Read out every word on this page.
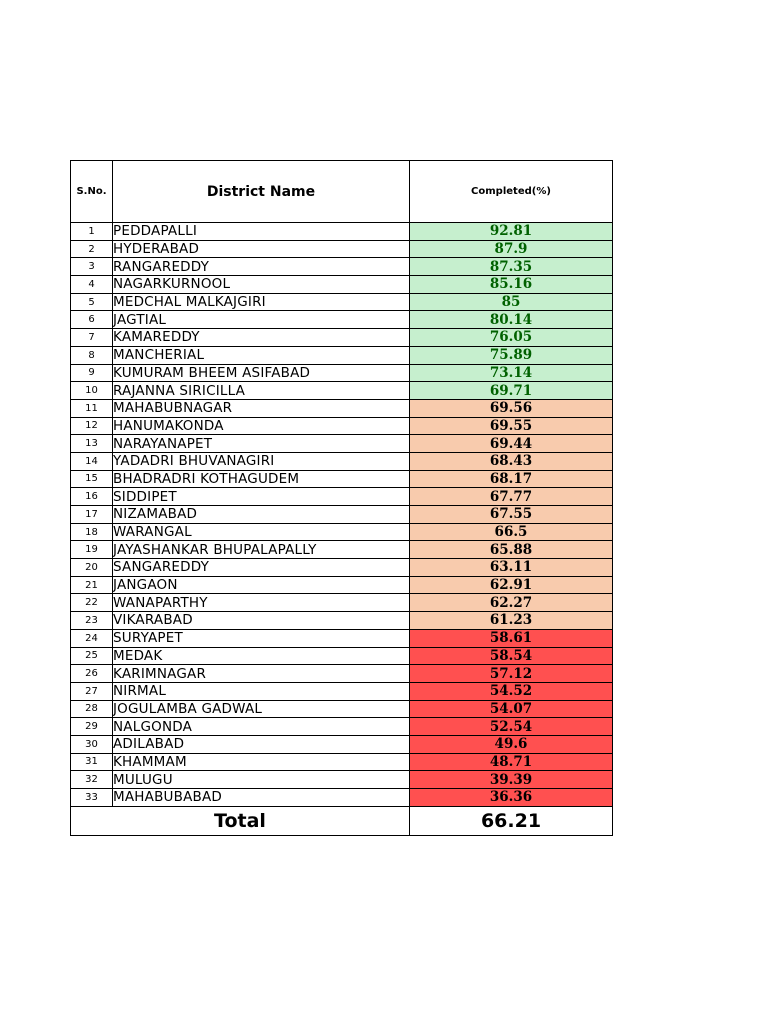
S.No.	District Name	Completed(%)
1	PEDDAPALLI	92.81
2	HYDERABAD	87.9
3	RANGAREDDY	87.35
4	NAGARKURNOOL	85.16
5	MEDCHAL MALKAJGIRI	85
6	JAGTIAL	80.14
7	KAMAREDDY	76.05
8	MANCHERIAL	75.89
9	KUMURAM BHEEM ASIFABAD	73.14
10	RAJANNA SIRICILLA	69.71
11	MAHABUBNAGAR	69.56
12	HANUMAKONDA	69.55
13	NARAYANAPET	69.44
14	YADADRI BHUVANAGIRI	68.43
15	BHADRADRI KOTHAGUDEM	68.17
16	SIDDIPET	67.77
17	NIZAMABAD	67.55
18	WARANGAL	66.5
19	JAYASHANKAR BHUPALAPALLY	65.88
20	SANGAREDDY	63.11
21	JANGAON	62.91
22	WANAPARTHY	62.27
23	VIKARABAD	61.23
24	SURYAPET	58.61
25	MEDAK	58.54
26	KARIMNAGAR	57.12
27	NIRMAL	54.52
28	JOGULAMBA GADWAL	54.07
29	NALGONDA	52.54
30	ADILABAD	49.6
31	KHAMMAM	48.71
32	MULUGU	39.39
33	MAHABUBABAD	36.36
Total		66.21
